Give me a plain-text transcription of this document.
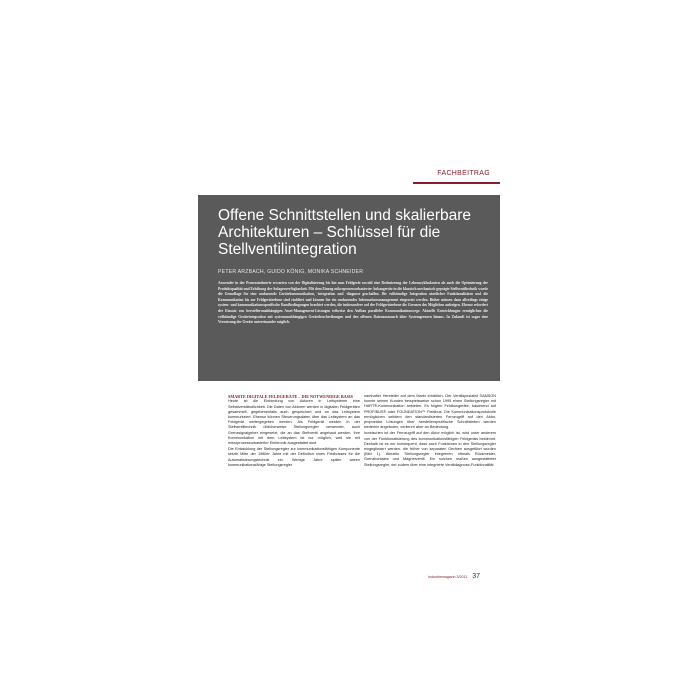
FACHBEITRAG
Offene Schnittstellen und skalierbare Architekturen – Schlüssel für die Stellventilintegration
PETER ARZBACH, GUIDO KÖNIG, MONIKA SCHNEIDER
Anwender in der Prozessindustrie erwarten von der Digitalisierung bis hin zum Feldgerät sowohl eine Reduzierung der Lebenszykluskosten als auch die Optimierung der Produktqualität und Erhöhung der Anlagenverfügbarkeit. Mit dem Einzug mikroprozessorbasierter Anbaugeräte in die klassisch mechanisch geprägte Stellventiltechnik wurde die Grundlage für eine umfassende Gerätekommunikation, -integration und -diagnose geschaffen. Die vollständige Integration sämtlicher Funktionalitäten und die Kommunikation bis zur Feldgeräteebene sind etabliert und können für ein umfassendes Informationsmanagement eingesetzt werden. Bisher müssen dazu allerdings einige system- und kommunikationsspezifische Randbedingungen beachtet werden, die insbesondere auf der Feldgeräteebene die Grenzen des Möglichen aufzeigen. Ebenso erfordert der Einsatz von herstellerunabhängigen Asset-Management-Lösungen teilweise den Aufbau paralleler Kommunikationswege. Aktuelle Entwicklungen ermöglichen die vollständige Geräteintegration mit systemunabhängigen Gerätebeschreibungen und den offenen Datenaustausch über Systemgrenzen hinaus. In Zukunft ist sogar eine Vernetzung der Geräte untereinander möglich.
SMARTE DIGITALE FELDGERÄTE – DIE NOTWENDIGE BASIS

Heute ist die Einbindung von Aktoren in Leitsysteme eine Selbstverständlichkeit. Die Daten von Aktoren werden in digitalen Feldgeräten gesammelt, gegebenenfalls auch gespeichert und an das Leitsystem kommuniziert. Ebenso können Steuerungsdaten über das Leitsystem an das Feldgerät weitergegeben werden. Als Feldgerät werden in der Stellventiltechnik üblicherweise Stellungsregler verwendet, auch Grenzsignalgeber eingesetzt, die an das Stellventil angebaut werden. Ihre Kommunikation mit dem Leitsystem ist nur möglich, weil sie mit mikroprozessorbasierter Elektronik ausgestattet sind.

Die Entwicklung der Stellungsregler zur kommunikationsfähigen Komponente setzte Mitte der 1980er Jahre mit der Definition eines Feldbusses für die Automatisierungstechnik ein. Wenige Jahre später waren kommunikationsfähige Stellungsregler

namhafter Hersteller auf dem Markt erhältlich. Der Ventilspezialist SAMSON konnte seinen Kunden beispielsweise schon 1995 einen Stellungsregler mit HART®-Kommunikation anbieten. Es folgten Feldbusgeräte, basierend auf PROFIBUS® oder FOUNDATION™ Fieldbus. Die Kommunikationsprotokolle ermöglichen seitdem den standardisierten Fernzugriff auf den Aktor, proprietäre Lösungen über herstellerspezifische Schnittstellen werden weiterhin angeboten, verlieren aber an Bedeutung.

Inzwischen ist der Fernzugriff auf den Aktor möglich ist, wird unter anderem von der Funktionalisierung des kommunikationsfähigen Feldgeräts bestimmt. Deshalb ist es nur konsequent, dass auch Funktionen in den Stellungsregler eingegliedert werden, die früher von separaten Geräten ausgeführt wurden (Bild 1). Aktuelle Stellungsregler integrieren oftmals Rückmelder, Grenzkontakte und Magnetventil. Ein solchen maßen ausgestatteter Stellungsregler, der zudem über eine integrierte Ventildiagnose-Funktionalität

Industriemagazin 3/2011 37
